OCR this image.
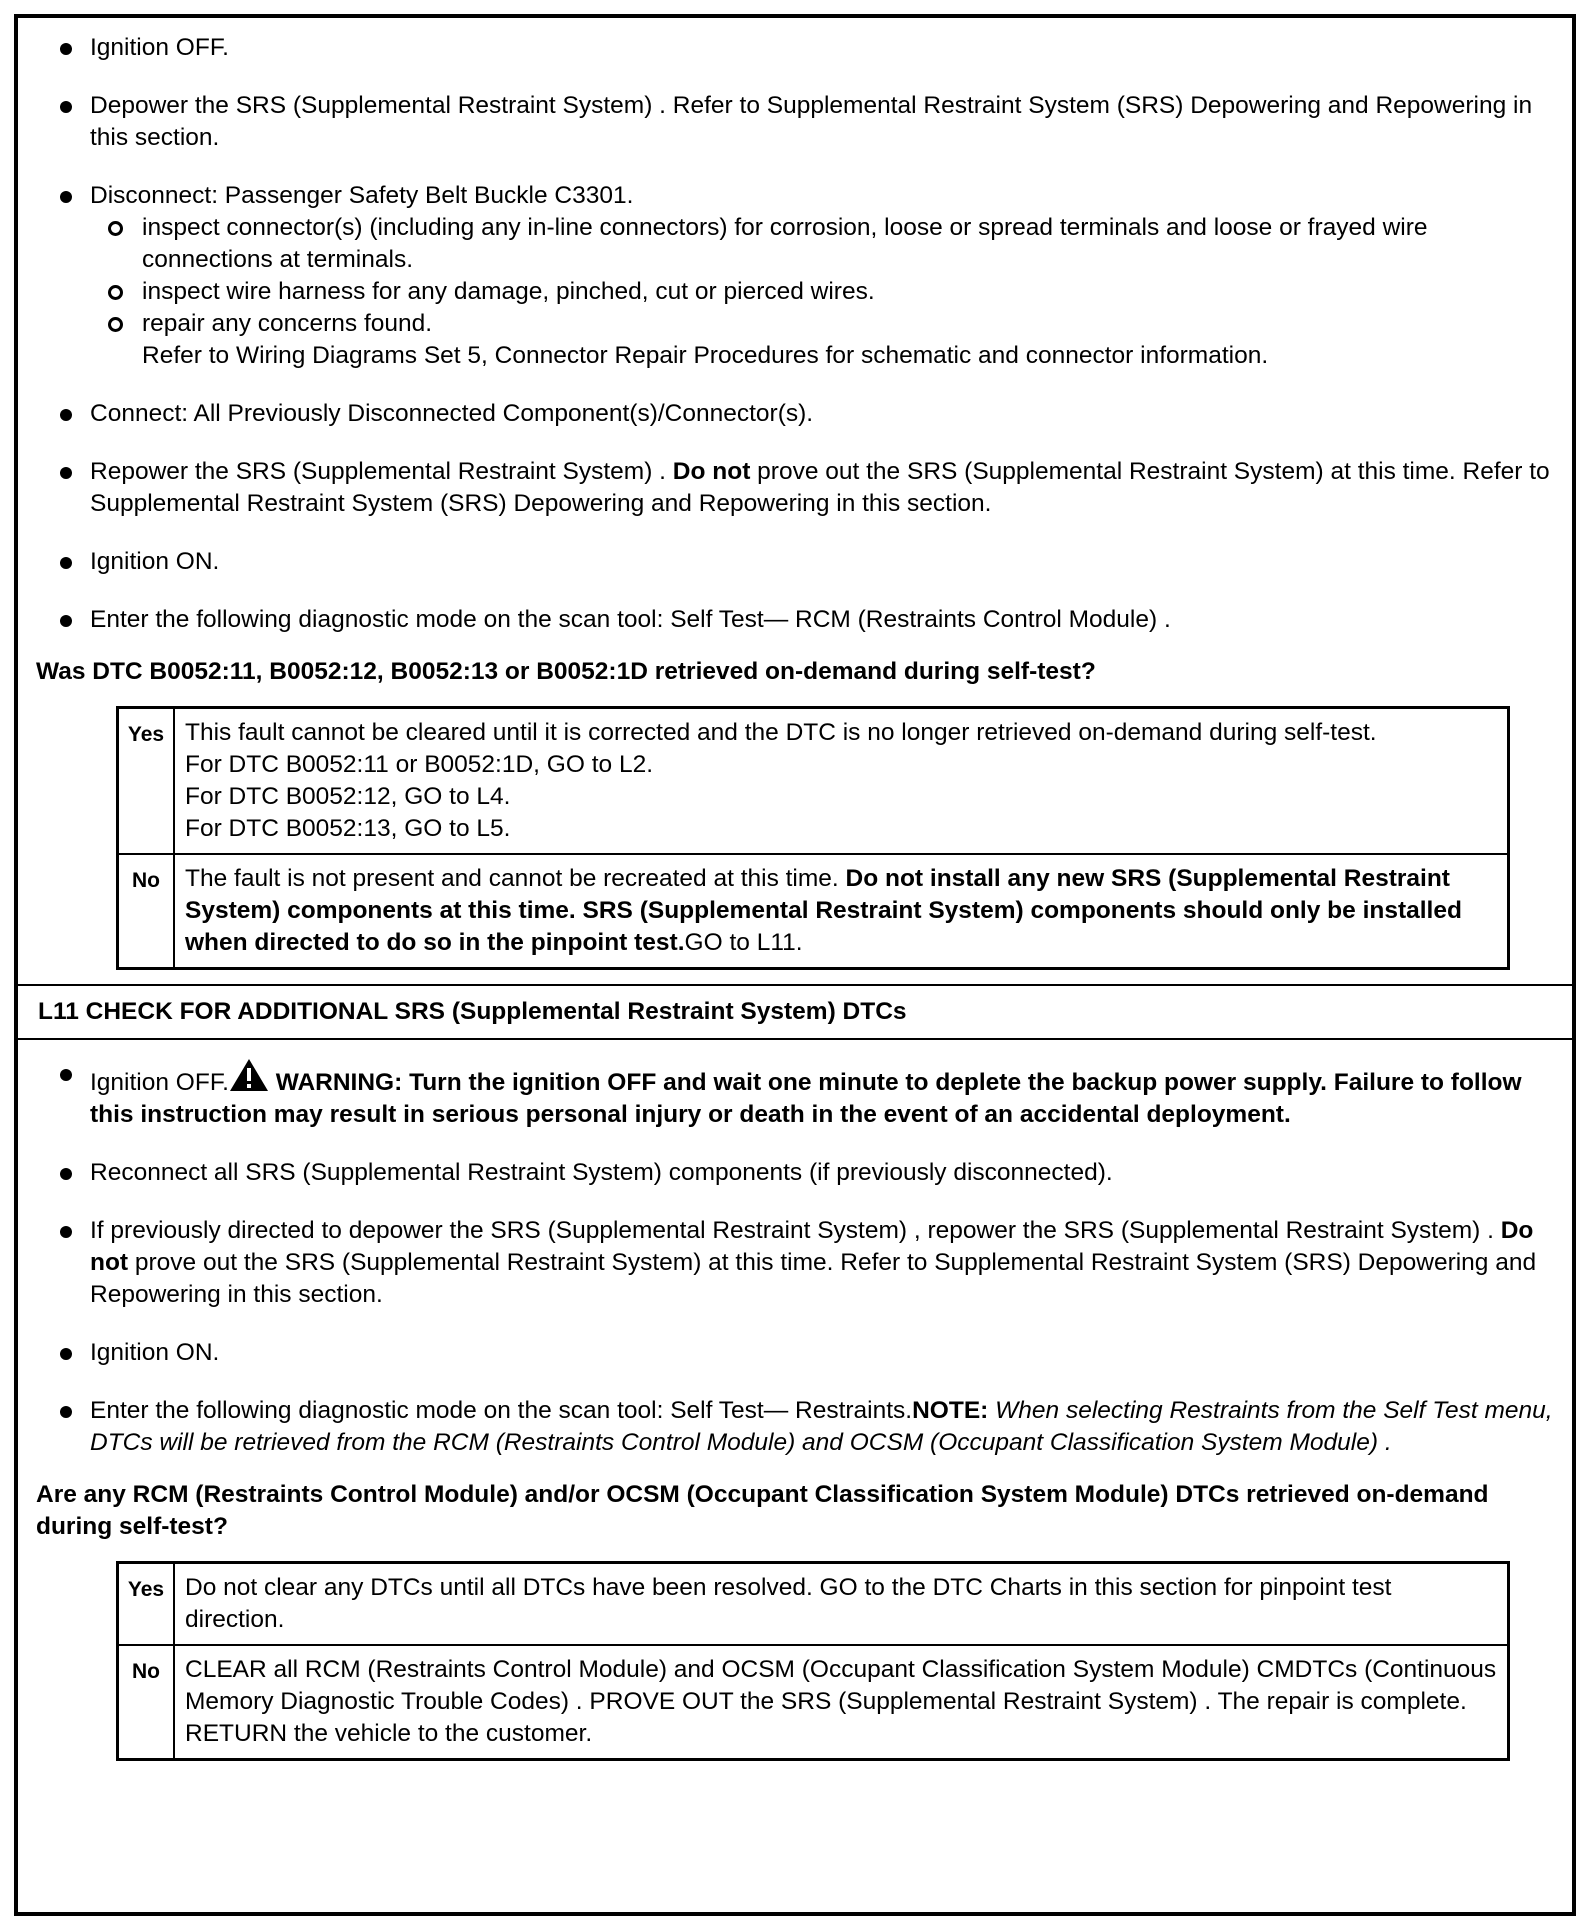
Ignition OFF.
Depower the SRS (Supplemental Restraint System) . Refer to Supplemental Restraint System (SRS) Depowering and Repowering in this section.
Disconnect: Passenger Safety Belt Buckle C3301.
inspect connector(s) (including any in-line connectors) for corrosion, loose or spread terminals and loose or frayed wire connections at terminals.
inspect wire harness for any damage, pinched, cut or pierced wires.
repair any concerns found.
Refer to Wiring Diagrams Set 5, Connector Repair Procedures for schematic and connector information.
Connect: All Previously Disconnected Component(s)/Connector(s).
Repower the SRS (Supplemental Restraint System) . Do not prove out the SRS (Supplemental Restraint System) at this time. Refer to Supplemental Restraint System (SRS) Depowering and Repowering in this section.
Ignition ON.
Enter the following diagnostic mode on the scan tool: Self Test— RCM (Restraints Control Module) .
Was DTC B0052:11, B0052:12, B0052:13 or B0052:1D retrieved on-demand during self-test?
Yes	This fault cannot be cleared until it is corrected and the DTC is no longer retrieved on-demand during self-test.
For DTC B0052:11 or B0052:1D, GO to L2.
For DTC B0052:12, GO to L4.
For DTC B0052:13, GO to L5.

No	The fault is not present and cannot be recreated at this time. Do not install any new SRS (Supplemental Restraint System) components at this time. SRS (Supplemental Restraint System) components should only be installed when directed to do so in the pinpoint test.GO to L11.
L11 CHECK FOR ADDITIONAL SRS (Supplemental Restraint System) DTCs
Ignition OFF. WARNING: Turn the ignition OFF and wait one minute to deplete the backup power supply. Failure to follow this instruction may result in serious personal injury or death in the event of an accidental deployment.
Reconnect all SRS (Supplemental Restraint System) components (if previously disconnected).
If previously directed to depower the SRS (Supplemental Restraint System) , repower the SRS (Supplemental Restraint System) . Do not prove out the SRS (Supplemental Restraint System) at this time. Refer to Supplemental Restraint System (SRS) Depowering and Repowering in this section.
Ignition ON.
Enter the following diagnostic mode on the scan tool: Self Test— Restraints.NOTE: When selecting Restraints from the Self Test menu, DTCs will be retrieved from the RCM (Restraints Control Module) and OCSM (Occupant Classification System Module) .
Are any RCM (Restraints Control Module) and/or OCSM (Occupant Classification System Module) DTCs retrieved on-demand during self-test?
Yes	Do not clear any DTCs until all DTCs have been resolved. GO to the DTC Charts in this section for pinpoint test direction.
No	CLEAR all RCM (Restraints Control Module) and OCSM (Occupant Classification System Module) CMDTCs (Continuous Memory Diagnostic Trouble Codes) . PROVE OUT the SRS (Supplemental Restraint System) . The repair is complete. RETURN the vehicle to the customer.
